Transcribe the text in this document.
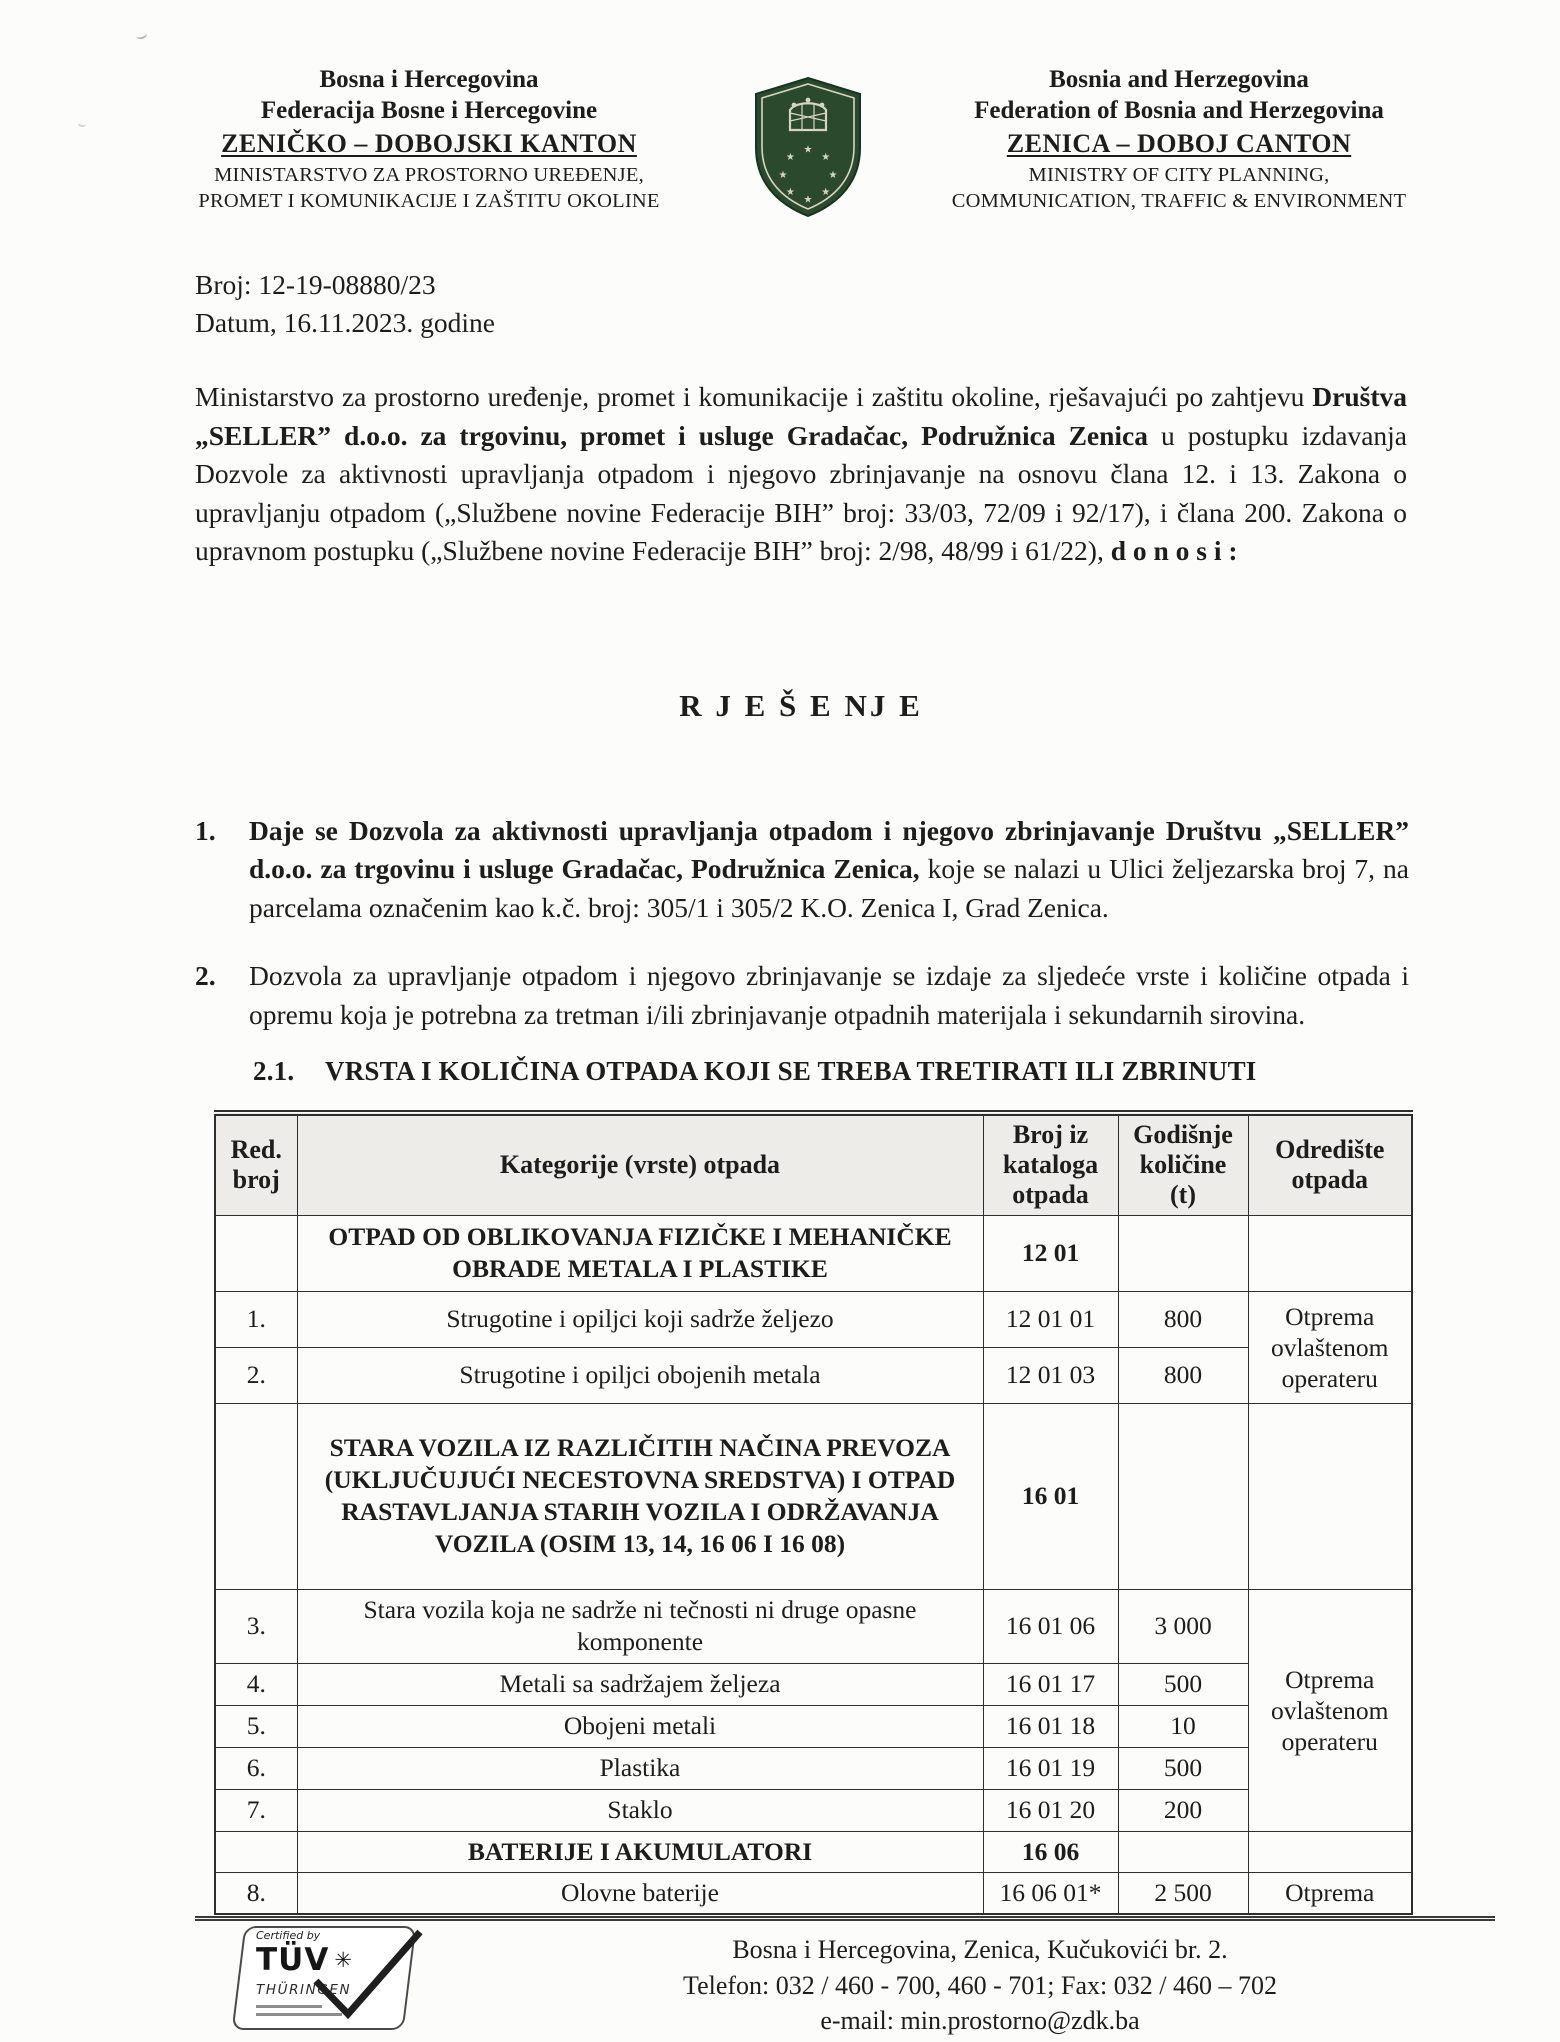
Bosna i Hercegovina
Federacija Bosne i Hercegovine
ZENIČKO – DOBOJSKI KANTON
MINISTARSTVO ZA PROSTORNO UREĐENJE,
PROMET I KOMUNIKACIJE I ZAŠTITU OKOLINE
★
★
★
★
★
★
★
★
Bosnia and Herzegovina
Federation of Bosnia and Herzegovina
ZENICA – DOBOJ CANTON
MINISTRY OF CITY PLANNING,
COMMUNICATION, TRAFFIC & ENVIRONMENT
Broj: 12-19-08880/23
Datum, 16.11.2023. godine

Ministarstvo za prostorno uređenje, promet i komunikacije i zaštitu okoline, rješavajući po zahtjevu Društva „SELLER” d.o.o. za trgovinu, promet i usluge Gradačac, Podružnica Zenica u postupku izdavanja Dozvole za aktivnosti upravljanja otpadom i njegovo zbrinjavanje na osnovu člana 12. i 13. Zakona o upravljanju otpadom („Službene novine Federacije BIH” broj: 33/03, 72/09 i 92/17), i člana 200. Zakona o upravnom postupku („Službene novine Federacije BIH” broj: 2/98, 48/99 i 61/22), d o n o s i :

R J E Š E NJ E
1.	Daje se Dozvola za aktivnosti upravljanja otpadom i njegovo zbrinjavanje Društvu „SELLER” d.o.o. za trgovinu i usluge Gradačac, Podružnica Zenica, koje se nalazi u Ulici željezarska broj 7, na parcelama označenim kao k.č. broj: 305/1 i 305/2 K.O. Zenica I, Grad Zenica.
2.	Dozvola za upravljanje otpadom i njegovo zbrinjavanje se izdaje za sljedeće vrste i količine otpada i opremu koja je potrebna za tretman i/ili zbrinjavanje otpadnih materijala i sekundarnih sirovina.
2.1.	VRSTA I KOLIČINA OTPADA KOJI SE TREBA TRETIRATI ILI ZBRINUTI
Red. broj	Kategorije (vrste) otpada	Broj iz kataloga otpada	Godišnje količine (t)	Odredište otpada
	OTPAD OD OBLIKOVANJA FIZIČKE I MEHANIČKE OBRADE METALA I PLASTIKE	12 01		
1.	Strugotine i opiljci koji sadrže željezo	12 01 01	800	Otprema ovlaštenom operateru
2.	Strugotine i opiljci obojenih metala	12 01 03	800	
	STARA VOZILA IZ RAZLIČITIH NAČINA PREVOZA (UKLJUČUJUĆI NECESTOVNA SREDSTVA) I OTPAD RASTAVLJANJA STARIH VOZILA I ODRŽAVANJA VOZILA (OSIM 13, 14, 16 06 I 16 08)	16 01		
3.	Stara vozila koja ne sadrže ni tečnosti ni druge opasne komponente	16 01 06	3 000	Otprema ovlaštenom operateru
4.	Metali sa sadržajem željeza	16 01 17	500	
5.	Obojeni metali	16 01 18	10	
6.	Plastika	16 01 19	500	
7.	Staklo	16 01 20	200	
	BATERIJE I AKUMULATORI	16 06		
8.	Olovne baterije	16 06 01*	2 500	Otprema
Certified by
TÜV ✳
THÜRINGEN
Bosna i Hercegovina, Zenica, Kučukovići br. 2.
Telefon: 032 / 460 - 700, 460 - 701; Fax: 032 / 460 – 702
e-mail: min.prostorno@zdk.ba
